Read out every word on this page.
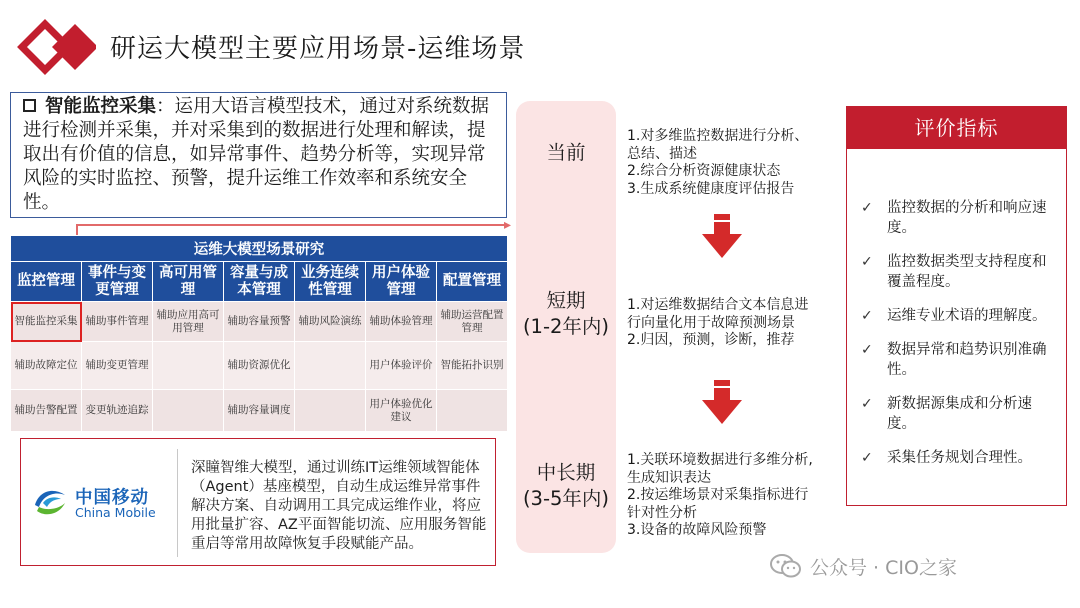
研运大模型主要应用场景-运维场景
智能监控采集：运用大语言模型技术，通过对系统数据进行检测并采集，并对采集到的数据进行处理和解读，提取出有价值的信息，如异常事件、趋势分析等，实现异常风险的实时监控、预警，提升运维工作效率和系统安全性。
▸
运维大模型场景研究						
监控管理	事件与变更管理	高可用管理	容量与成本管理	业务连续性管理	用户体验管理	配置管理
智能监控采集	辅助事件管理	辅助应用高可用管理	辅助容量预警	辅助风险演练	辅助体验管理	辅助运营配置管理
辅助故障定位	辅助变更管理		辅助资源优化		用户体验评价	智能拓扑识别
辅助告警配置	变更轨迹追踪		辅助容量调度		用户体验优化建议	
中国移动
China Mobile
深瞳智维大模型，通过训练IT运维领域智能体（Agent）基座模型，自动生成运维异常事件解决方案、自动调用工具完成运维作业，将应用批量扩容、AZ平面智能切流、应用服务智能重启等常用故障恢复手段赋能产品。
当前
短期
(1-2年内)
中长期
(3-5年内)
1.对多维监控数据进行分析、
总结、描述
2.综合分析资源健康状态
3.生成系统健康度评估报告
1.对运维数据结合文本信息进
行向量化用于故障预测场景
2.归因，预测，诊断，推荐
1.关联环境数据进行多维分析,
生成知识表达
2.按运维场景对采集指标进行
针对性分析
3.设备的故障风险预警
评价指标
✓ 监控数据的分析和响应速度。
✓ 监控数据类型支持程度和覆盖程度。
✓ 运维专业术语的理解度。
✓ 数据异常和趋势识别准确性。
✓ 新数据源集成和分析速度。
✓ 采集任务规划合理性。
公众号 · CIO之家
